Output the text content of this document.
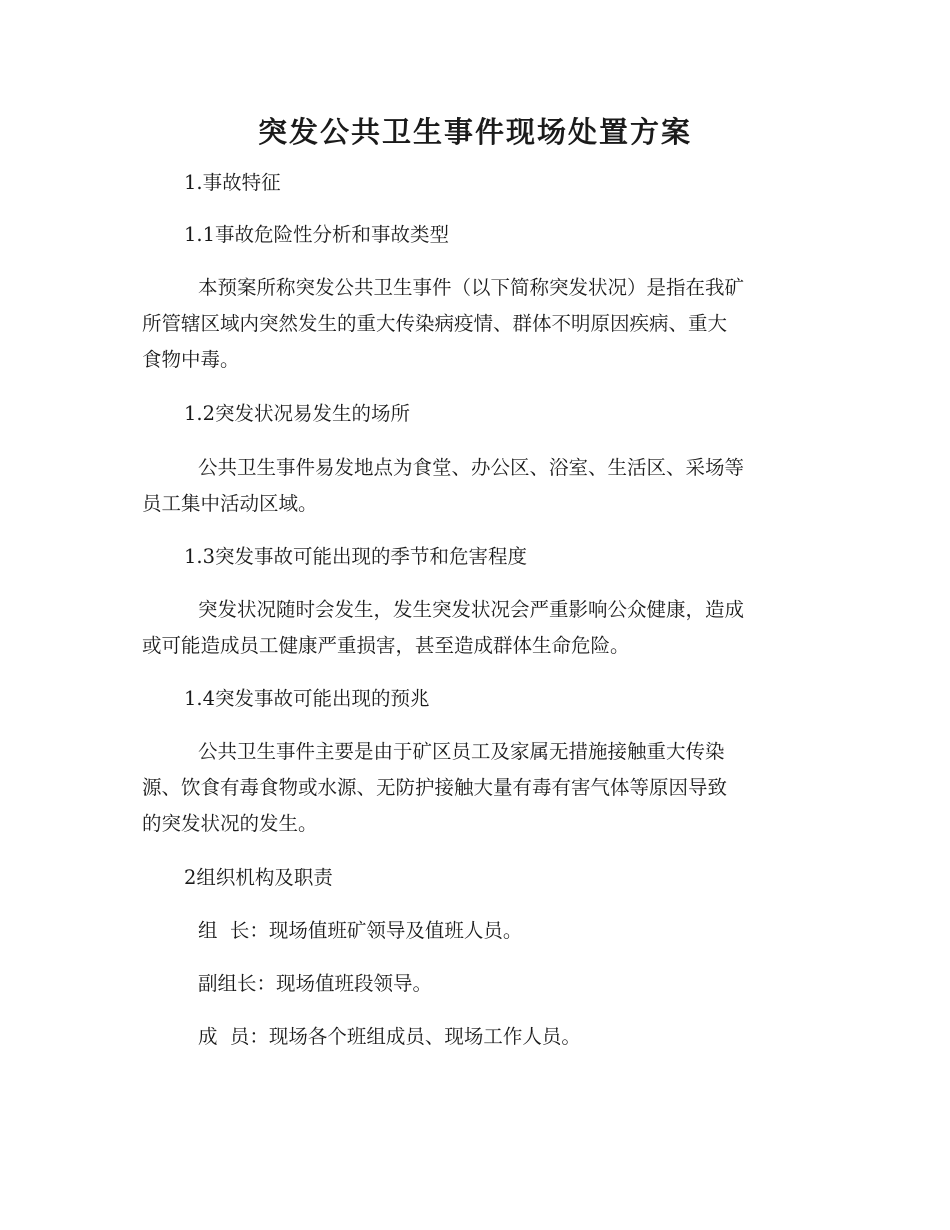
突发公共卫生事件现场处置方案

1.事故特征

1.1事故危险性分析和事故类型

本预案所称突发公共卫生事件（以下简称突发状况）是指在我矿
所管辖区域内突然发生的重大传染病疫情、群体不明原因疾病、重大
食物中毒。

1.2突发状况易发生的场所

公共卫生事件易发地点为食堂、办公区、浴室、生活区、采场等
员工集中活动区域。

1.3突发事故可能出现的季节和危害程度

突发状况随时会发生，发生突发状况会严重影响公众健康，造成
或可能造成员工健康严重损害，甚至造成群体生命危险。

1.4突发事故可能出现的预兆

公共卫生事件主要是由于矿区员工及家属无措施接触重大传染
源、饮食有毒食物或水源、无防护接触大量有毒有害气体等原因导致
的突发状况的发生。

2组织机构及职责

组  长：现场值班矿领导及值班人员。

副组长：现场值班段领导。

成  员：现场各个班组成员、现场工作人员。
